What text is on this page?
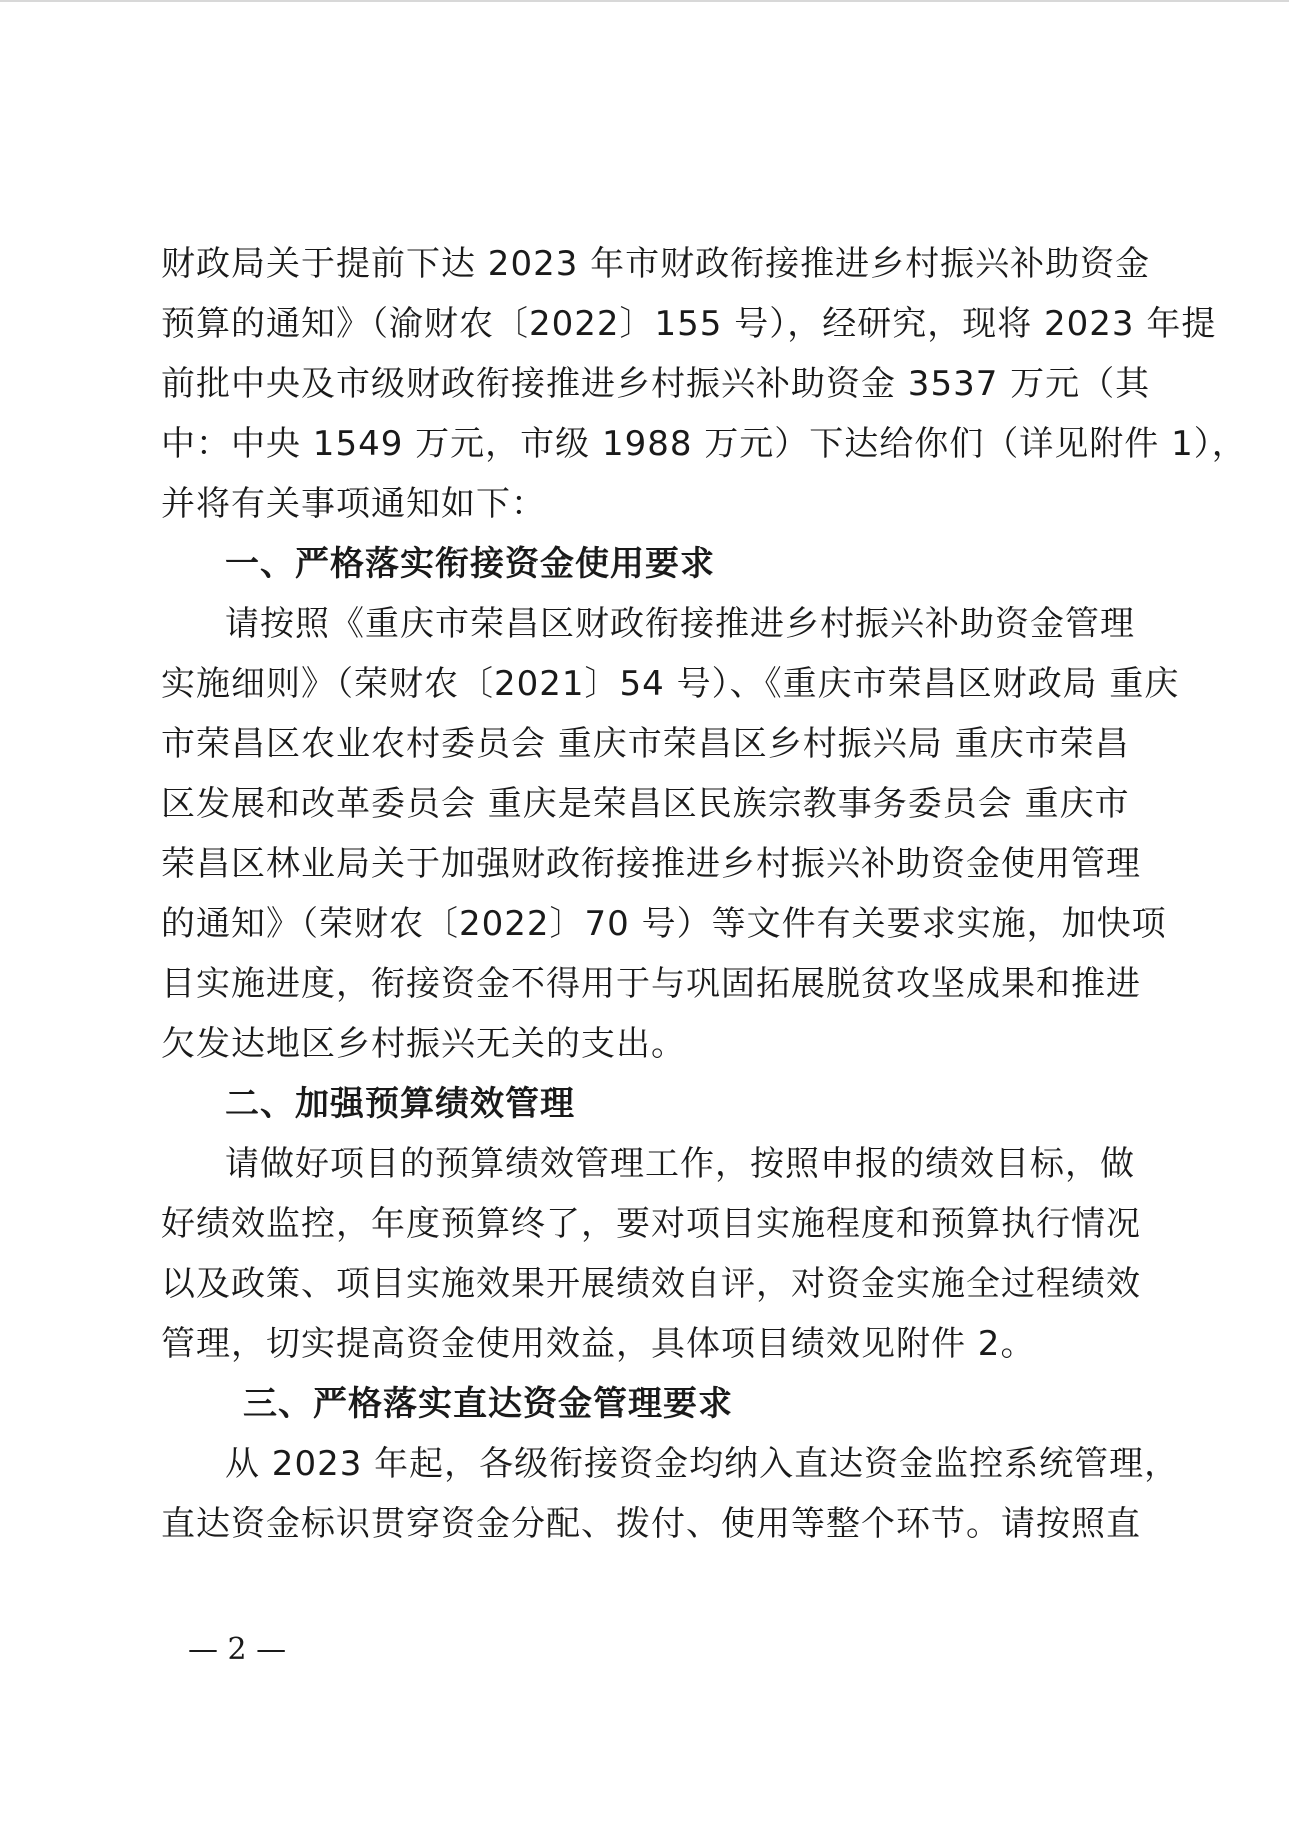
财政局关于提前下达 2023 年市财政衔接推进乡村振兴补助资金
预算的通知》（渝财农〔2022〕155 号），经研究，现将 2023 年提
前批中央及市级财政衔接推进乡村振兴补助资金 3537 万元（其
中：中央 1549 万元，市级 1988 万元）下达给你们（详见附件 1），
并将有关事项通知如下：
一、严格落实衔接资金使用要求
请按照《重庆市荣昌区财政衔接推进乡村振兴补助资金管理
实施细则》（荣财农〔2021〕54 号）、《重庆市荣昌区财政局 重庆
市荣昌区农业农村委员会 重庆市荣昌区乡村振兴局 重庆市荣昌
区发展和改革委员会 重庆是荣昌区民族宗教事务委员会 重庆市
荣昌区林业局关于加强财政衔接推进乡村振兴补助资金使用管理
的通知》（荣财农〔2022〕70 号）等文件有关要求实施，加快项
目实施进度，衔接资金不得用于与巩固拓展脱贫攻坚成果和推进
欠发达地区乡村振兴无关的支出。
二、加强预算绩效管理
请做好项目的预算绩效管理工作，按照申报的绩效目标，做
好绩效监控，年度预算终了，要对项目实施程度和预算执行情况
以及政策、项目实施效果开展绩效自评，对资金实施全过程绩效
管理，切实提高资金使用效益，具体项目绩效见附件 2。
三、严格落实直达资金管理要求
从 2023 年起，各级衔接资金均纳入直达资金监控系统管理，
直达资金标识贯穿资金分配、拨付、使用等整个环节。请按照直
— 2 —
